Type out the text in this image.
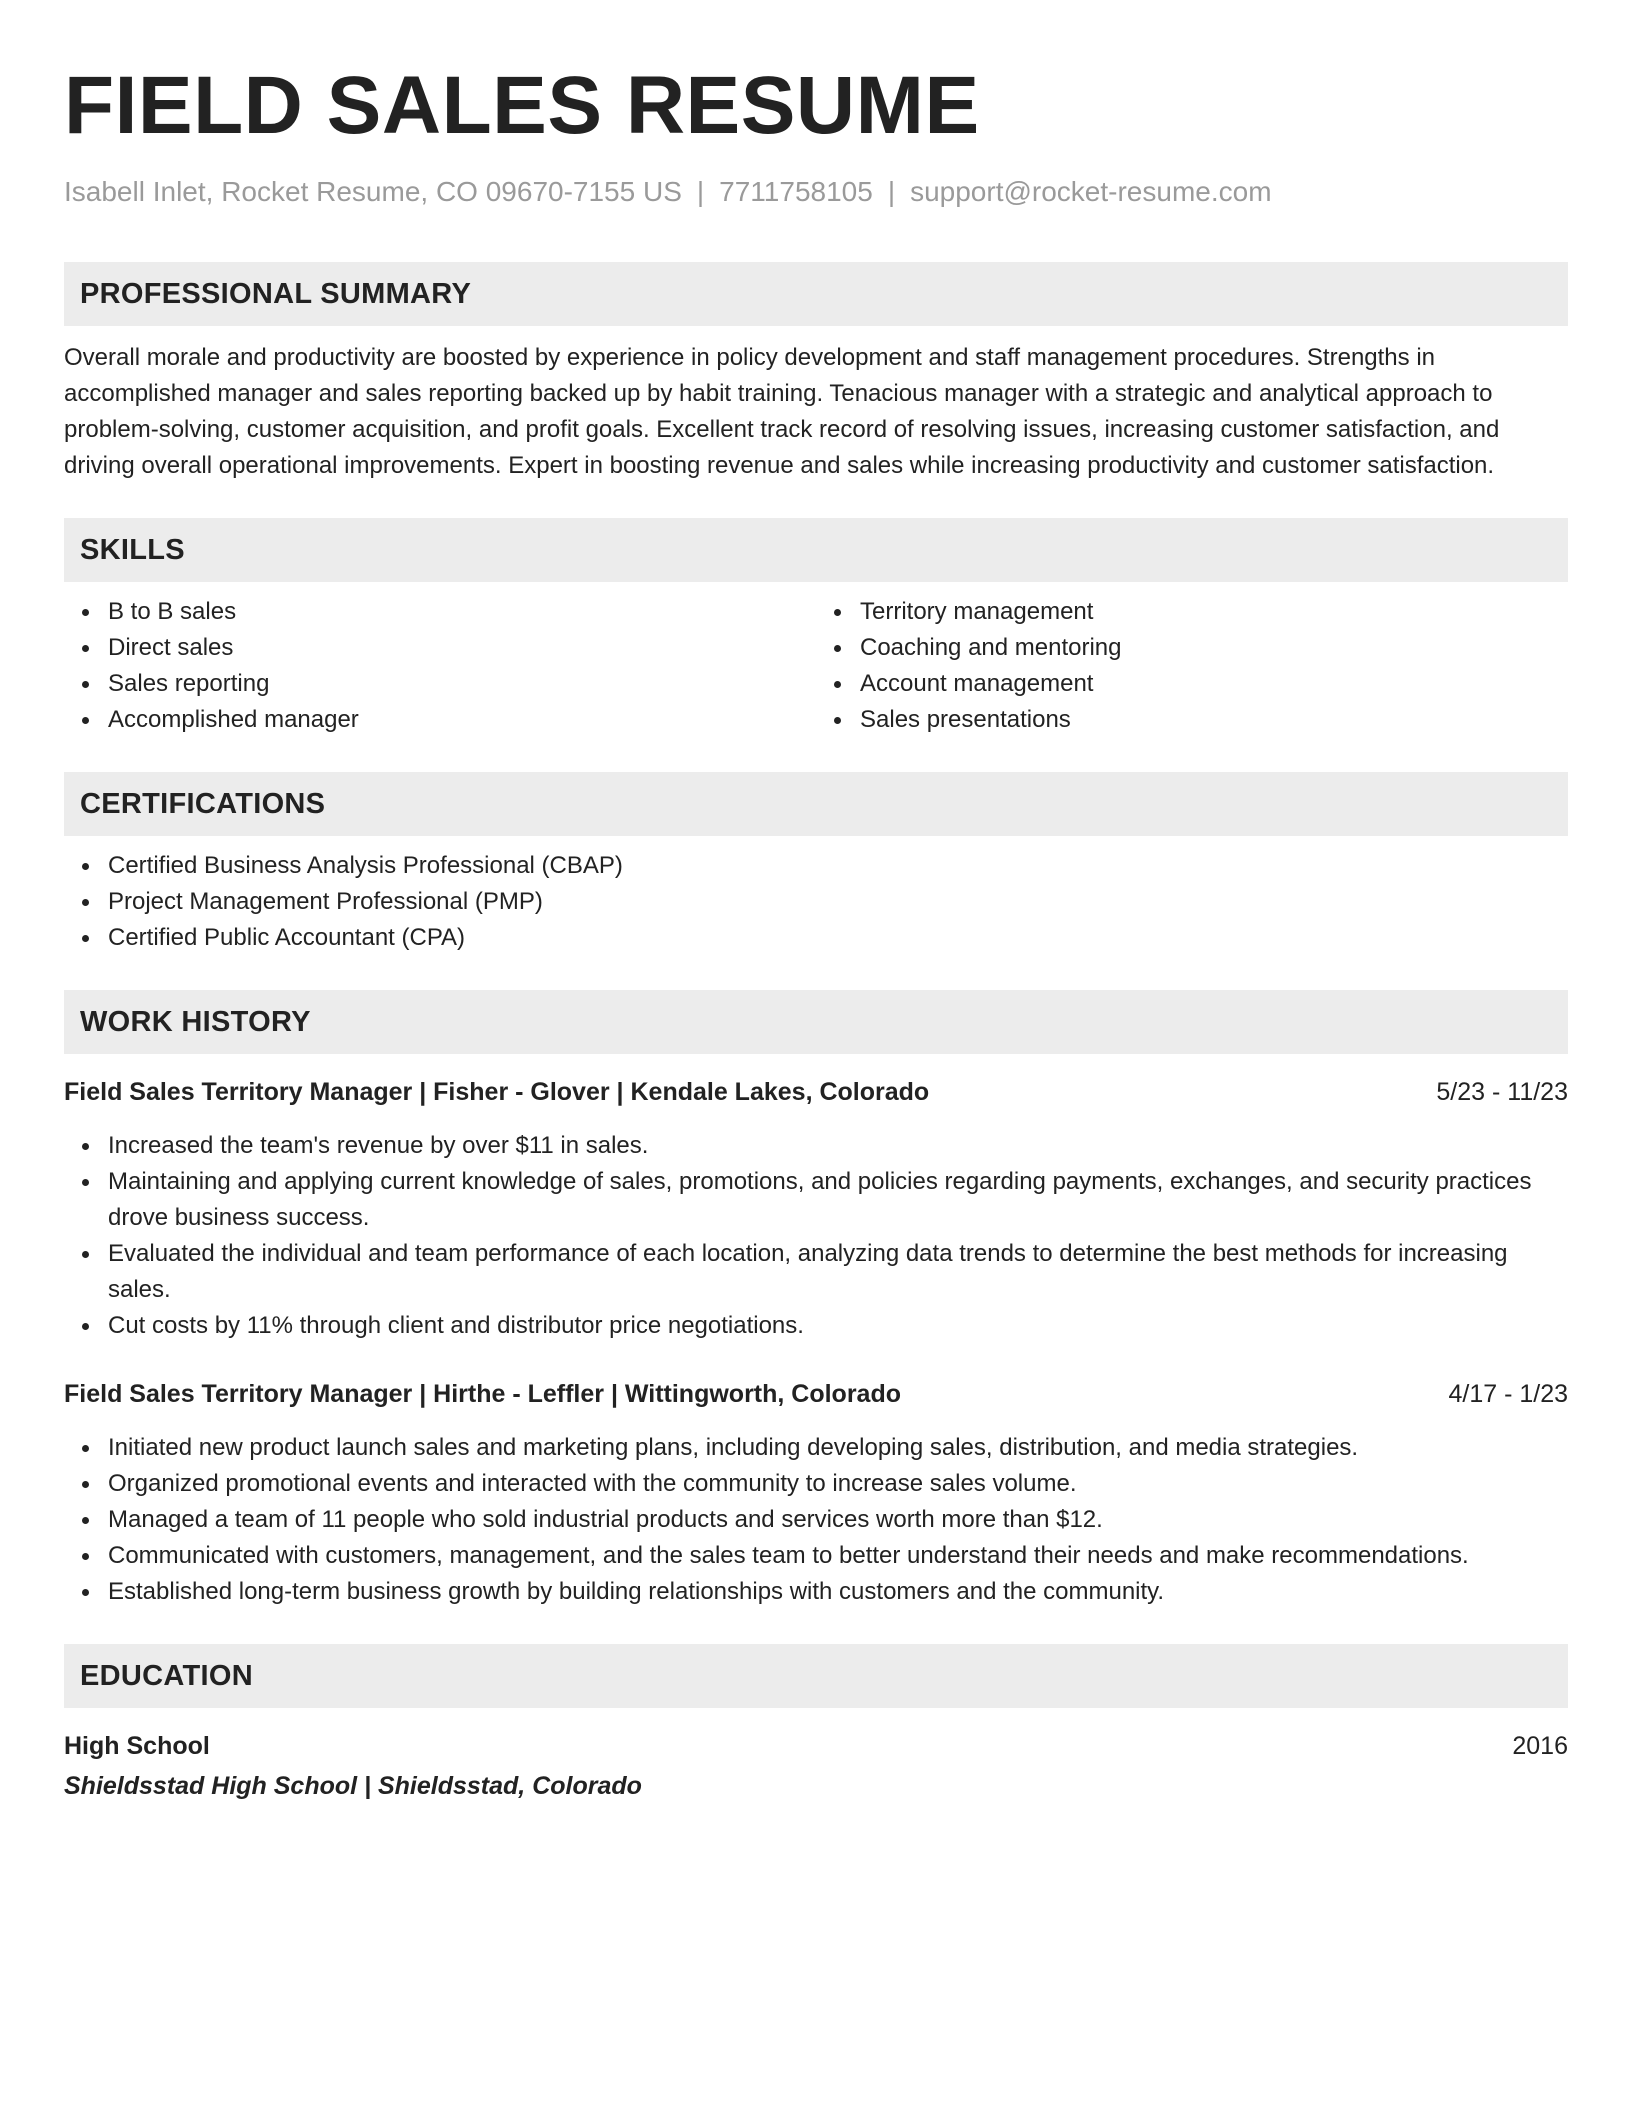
FIELD SALES RESUME
Isabell Inlet, Rocket Resume, CO 09670-7155 US | 7711758105 | support@rocket-resume.com
PROFESSIONAL SUMMARY

Overall morale and productivity are boosted by experience in policy development and staff management procedures. Strengths in accomplished manager and sales reporting backed up by habit training. Tenacious manager with a strategic and analytical approach to problem-solving, customer acquisition, and profit goals. Excellent track record of resolving issues, increasing customer satisfaction, and driving overall operational improvements. Expert in boosting revenue and sales while increasing productivity and customer satisfaction.

SKILLS
B to B sales
Direct sales
Sales reporting
Accomplished manager
Territory management
Coaching and mentoring
Account management
Sales presentations
CERTIFICATIONS
Certified Business Analysis Professional (CBAP)
Project Management Professional (PMP)
Certified Public Accountant (CPA)
WORK HISTORY
Field Sales Territory Manager | Fisher - Glover | Kendale Lakes, Colorado	5/23 - 11/23
Increased the team's revenue by over $11 in sales.
Maintaining and applying current knowledge of sales, promotions, and policies regarding payments, exchanges, and security practices drove business success.
Evaluated the individual and team performance of each location, analyzing data trends to determine the best methods for increasing sales.
Cut costs by 11% through client and distributor price negotiations.
Field Sales Territory Manager | Hirthe - Leffler | Wittingworth, Colorado	4/17 - 1/23
Initiated new product launch sales and marketing plans, including developing sales, distribution, and media strategies.
Organized promotional events and interacted with the community to increase sales volume.
Managed a team of 11 people who sold industrial products and services worth more than $12.
Communicated with customers, management, and the sales team to better understand their needs and make recommendations.
Established long-term business growth by building relationships with customers and the community.
EDUCATION
High School	2016
Shieldsstad High School | Shieldsstad, Colorado
